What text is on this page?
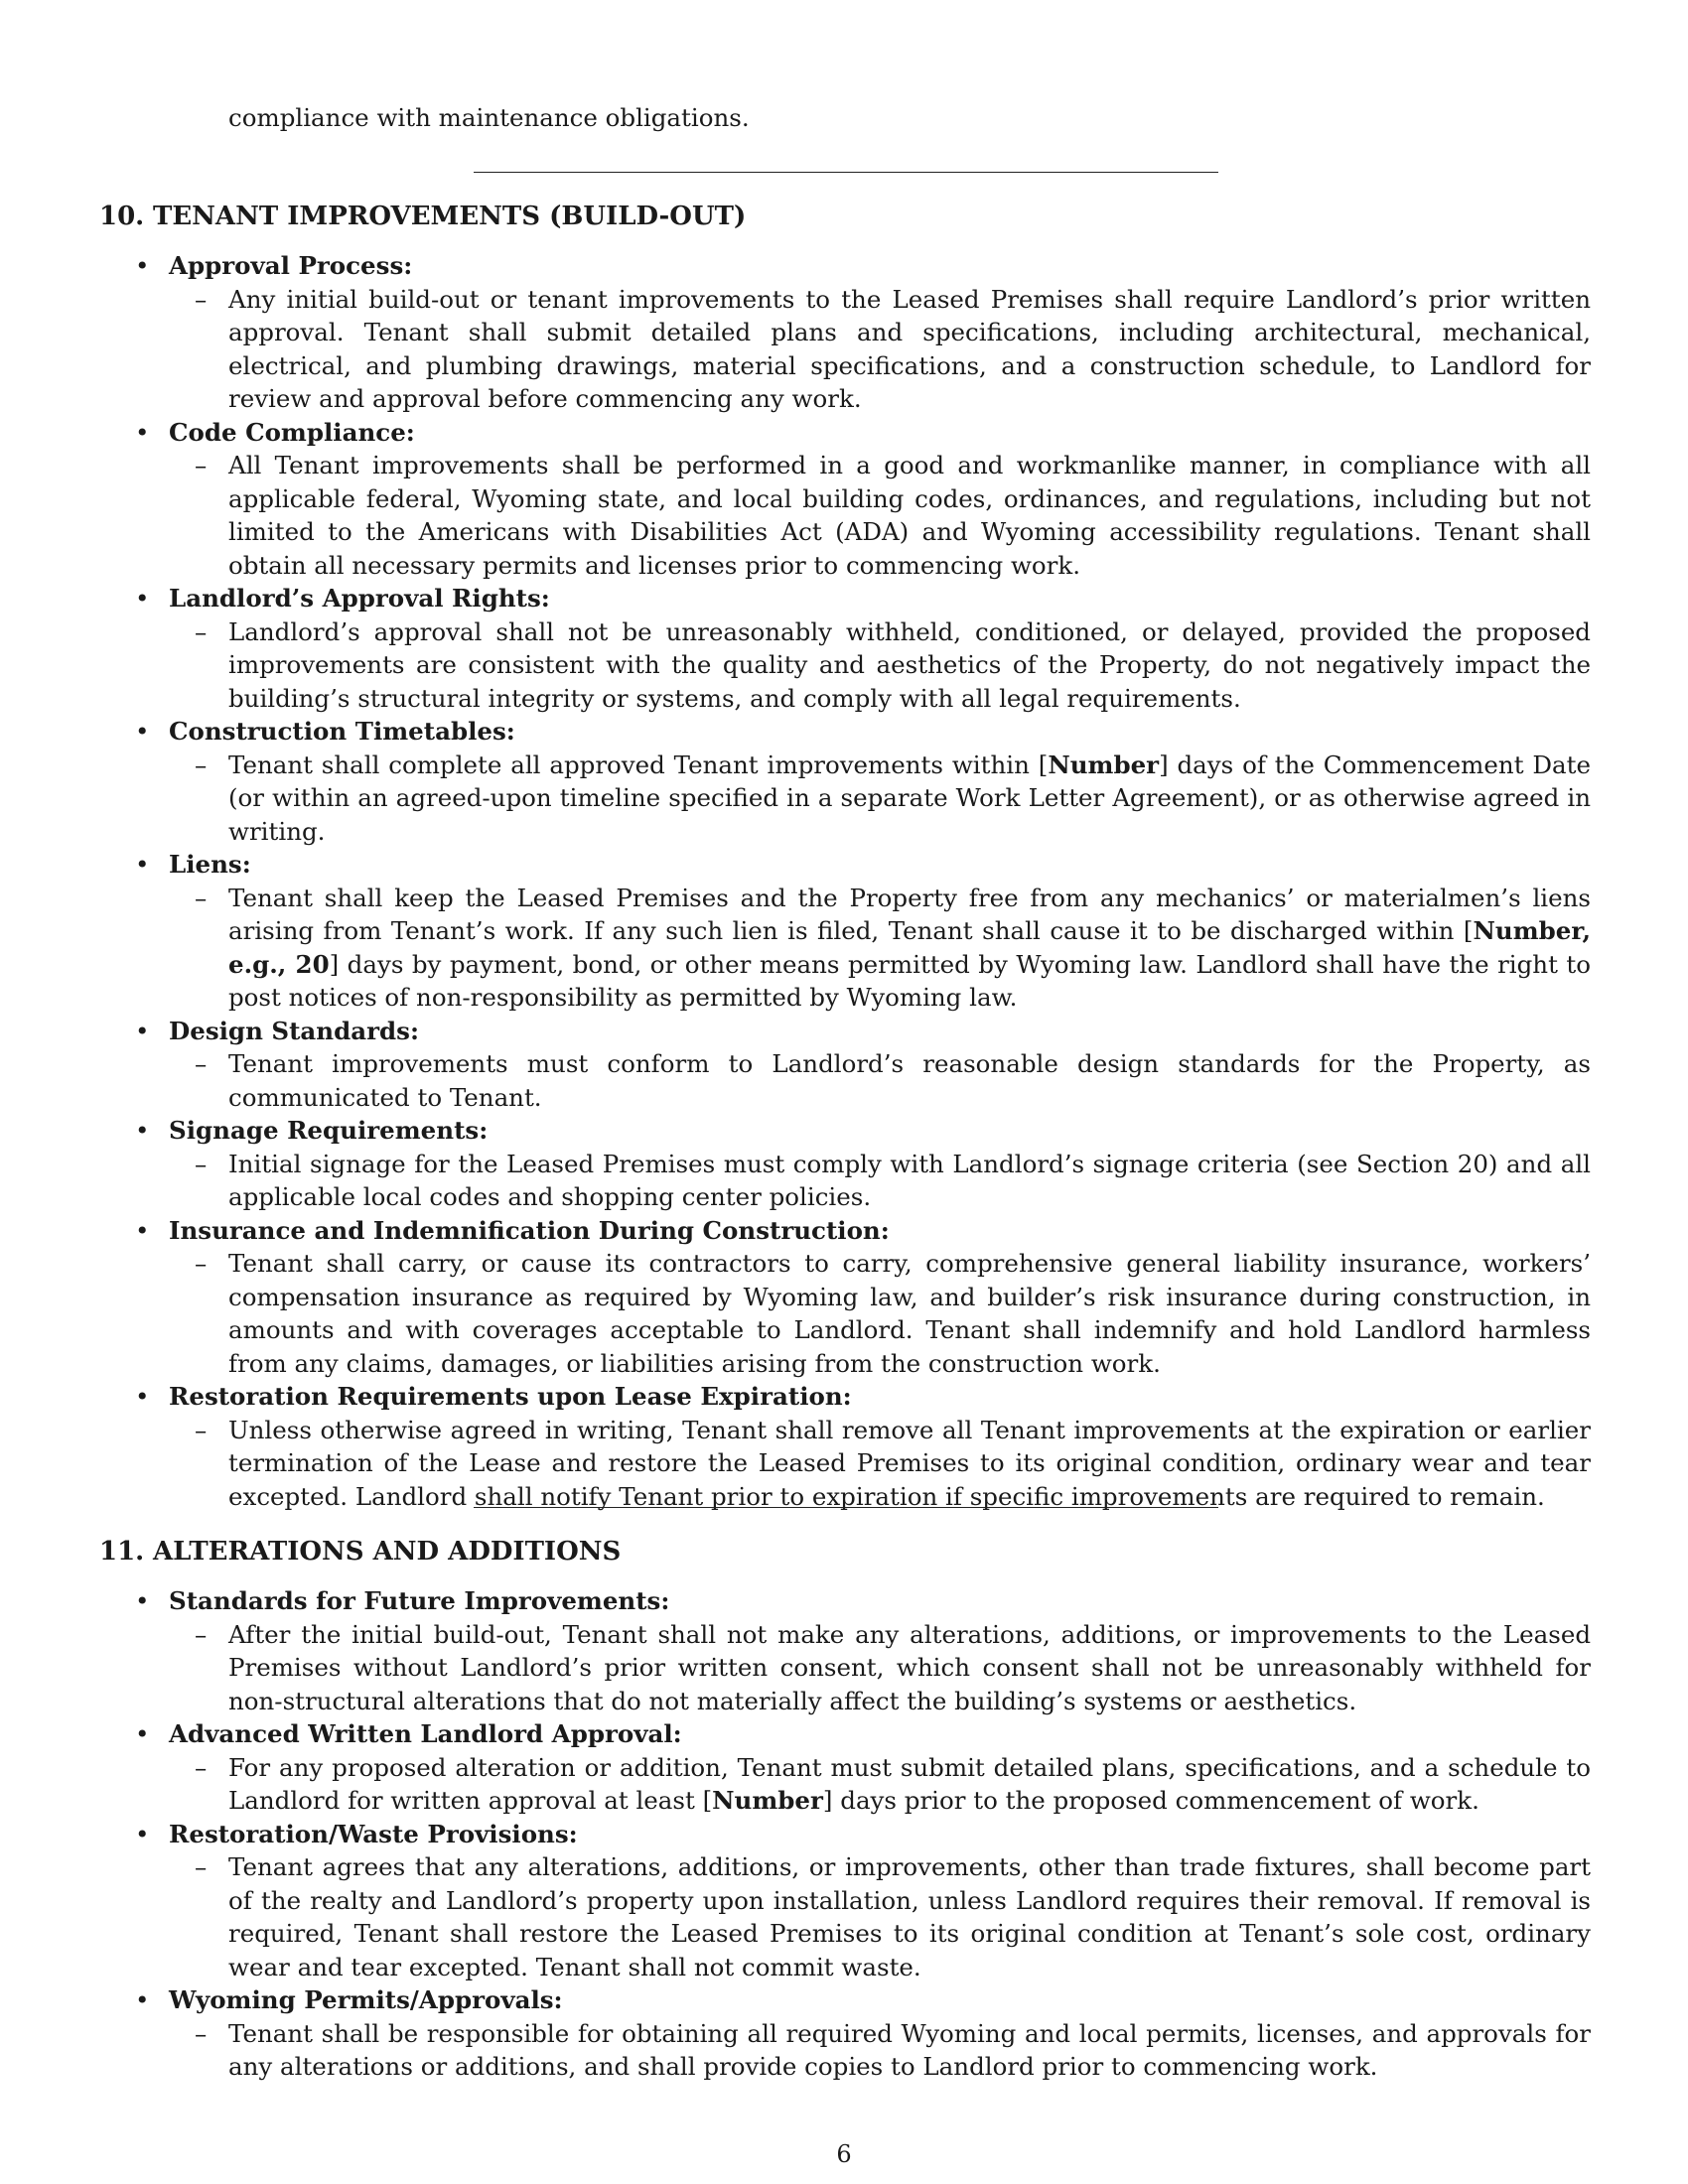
compliance with maintenance obligations.
10. TENANT IMPROVEMENTS (BUILD-OUT)
• Approval Process:
– Any initial build-out or tenant improvements to the Leased Premises shall require Landlord’s prior written approval. Tenant shall submit detailed plans and specifications, including architectural, mechanical, electrical, and plumbing drawings, material specifications, and a construction schedule, to Landlord for review and approval before commencing any work.
• Code Compliance:
– All Tenant improvements shall be performed in a good and workmanlike manner, in compliance with all applicable federal, Wyoming state, and local building codes, ordinances, and regulations, including but not limited to the Americans with Disabilities Act (ADA) and Wyoming accessibility regulations. Tenant shall obtain all necessary permits and licenses prior to commencing work.
• Landlord’s Approval Rights:
– Landlord’s approval shall not be unreasonably withheld, conditioned, or delayed, provided the proposed improvements are consistent with the quality and aesthetics of the Property, do not negatively impact the building’s structural integrity or systems, and comply with all legal requirements.
• Construction Timetables:
– Tenant shall complete all approved Tenant improvements within [Number] days of the Commencement Date (or within an agreed-upon timeline specified in a separate Work Letter Agreement), or as otherwise agreed in writing.
• Liens:
– Tenant shall keep the Leased Premises and the Property free from any mechanics’ or materialmen’s liens arising from Tenant’s work. If any such lien is filed, Tenant shall cause it to be discharged within [Number, e.g., 20] days by payment, bond, or other means permitted by Wyoming law. Landlord shall have the right to post notices of non-responsibility as permitted by Wyoming law.
• Design Standards:
– Tenant improvements must conform to Landlord’s reasonable design standards for the Property, as communicated to Tenant.
• Signage Requirements:
– Initial signage for the Leased Premises must comply with Landlord’s signage criteria (see Section 20) and all applicable local codes and shopping center policies.
• Insurance and Indemnification During Construction:
– Tenant shall carry, or cause its contractors to carry, comprehensive general liability insurance, workers’ compensation insurance as required by Wyoming law, and builder’s risk insurance during construction, in amounts and with coverages acceptable to Landlord. Tenant shall indemnify and hold Landlord harmless from any claims, damages, or liabilities arising from the construction work.
• Restoration Requirements upon Lease Expiration:
– Unless otherwise agreed in writing, Tenant shall remove all Tenant improvements at the expiration or earlier termination of the Lease and restore the Leased Premises to its original condition, ordinary wear and tear excepted. Landlord shall notify Tenant prior to expiration if specific improvements are required to remain.
11. ALTERATIONS AND ADDITIONS
• Standards for Future Improvements:
– After the initial build-out, Tenant shall not make any alterations, additions, or improvements to the Leased Premises without Landlord’s prior written consent, which consent shall not be unreasonably withheld for non-structural alterations that do not materially affect the building’s systems or aesthetics.
• Advanced Written Landlord Approval:
– For any proposed alteration or addition, Tenant must submit detailed plans, specifications, and a schedule to Landlord for written approval at least [Number] days prior to the proposed commencement of work.
• Restoration/Waste Provisions:
– Tenant agrees that any alterations, additions, or improvements, other than trade fixtures, shall become part of the realty and Landlord’s property upon installation, unless Landlord requires their removal. If removal is required, Tenant shall restore the Leased Premises to its original condition at Tenant’s sole cost, ordinary wear and tear excepted. Tenant shall not commit waste.
• Wyoming Permits/Approvals:
– Tenant shall be responsible for obtaining all required Wyoming and local permits, licenses, and approvals for any alterations or additions, and shall provide copies to Landlord prior to commencing work.
6
